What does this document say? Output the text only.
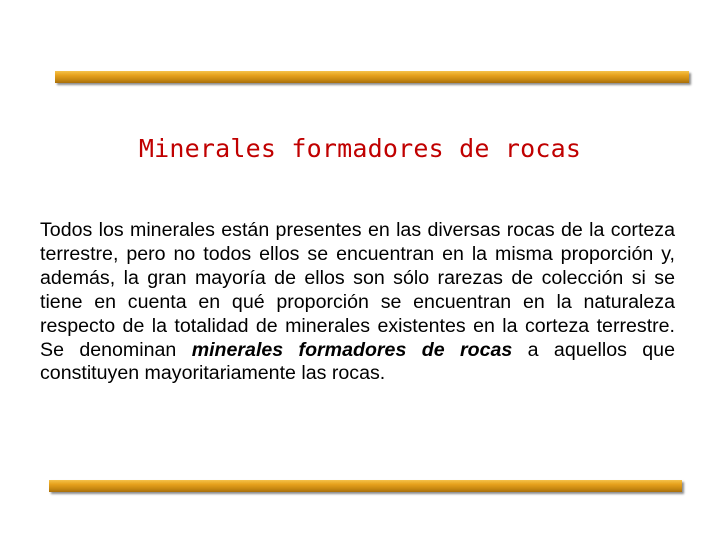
Minerales formadores de rocas

Todos los minerales están presentes en las diversas rocas de la corteza terrestre, pero no todos ellos se encuentran en la misma proporción y, además, la gran mayoría de ellos son sólo rarezas de colección si se tiene en cuenta en qué proporción se encuentran en la naturaleza respecto de la totalidad de minerales existentes en la corteza terrestre. Se denominan minerales formadores de rocas a aquellos que constituyen mayoritariamente las rocas.
